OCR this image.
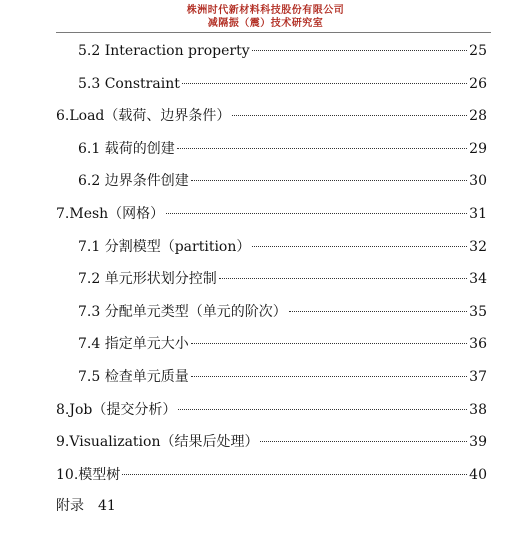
株洲时代新材料科技股份有限公司
减隔振（震）技术研究室
5.2 Interaction property	25
5.3 Constraint	26
6.Load（载荷、边界条件）	28
6.1 载荷的创建	29
6.2 边界条件创建	30
7.Mesh（网格）	31
7.1 分割模型（partition）	32
7.2 单元形状划分控制	34
7.3 分配单元类型（单元的阶次）	35
7.4 指定单元大小	36
7.5 检查单元质量	37
8.Job（提交分析）	38
9.Visualization（结果后处理）	39
10.模型树	40
附录 41
